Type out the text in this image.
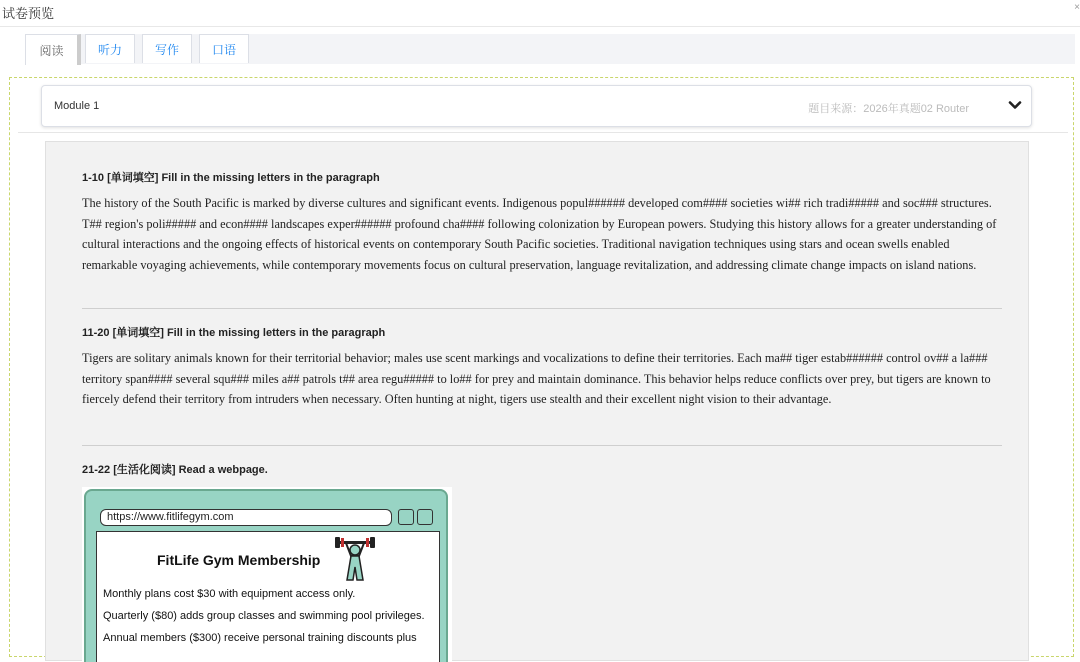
试卷预览	×
阅读	听力	写作	口语
Module 1	题目来源：2026年真题02 Router
1-10 [单词填空] Fill in the missing letters in the paragraph

The history of the South Pacific is marked by diverse cultures and significant events. Indigenous popul###### developed com#### societies wi## rich tradi##### and soc### structures. T## region's poli##### and econ#### landscapes exper###### profound cha#### following colonization by European powers. Studying this history allows for a greater understanding of cultural interactions and the ongoing effects of historical events on contemporary South Pacific societies. Traditional navigation techniques using stars and ocean swells enabled remarkable voyaging achievements, while contemporary movements focus on cultural preservation, language revitalization, and addressing climate change impacts on island nations.

11-20 [单词填空] Fill in the missing letters in the paragraph

Tigers are solitary animals known for their territorial behavior; males use scent markings and vocalizations to define their territories. Each ma## tiger estab###### control ov## a la### territory span#### several squ### miles a## patrols t## area regu##### to lo## for prey and maintain dominance. This behavior helps reduce conflicts over prey, but tigers are known to fiercely defend their territory from intruders when necessary. Often hunting at night, tigers use stealth and their excellent night vision to their advantage.

21-22 [生活化阅读] Read a webpage.
https://www.fitlifegym.com
FitLife Gym Membership
Monthly plans cost $30 with equipment access only.
Quarterly ($80) adds group classes and swimming pool privileges.
Annual members ($300) receive personal training discounts plus
